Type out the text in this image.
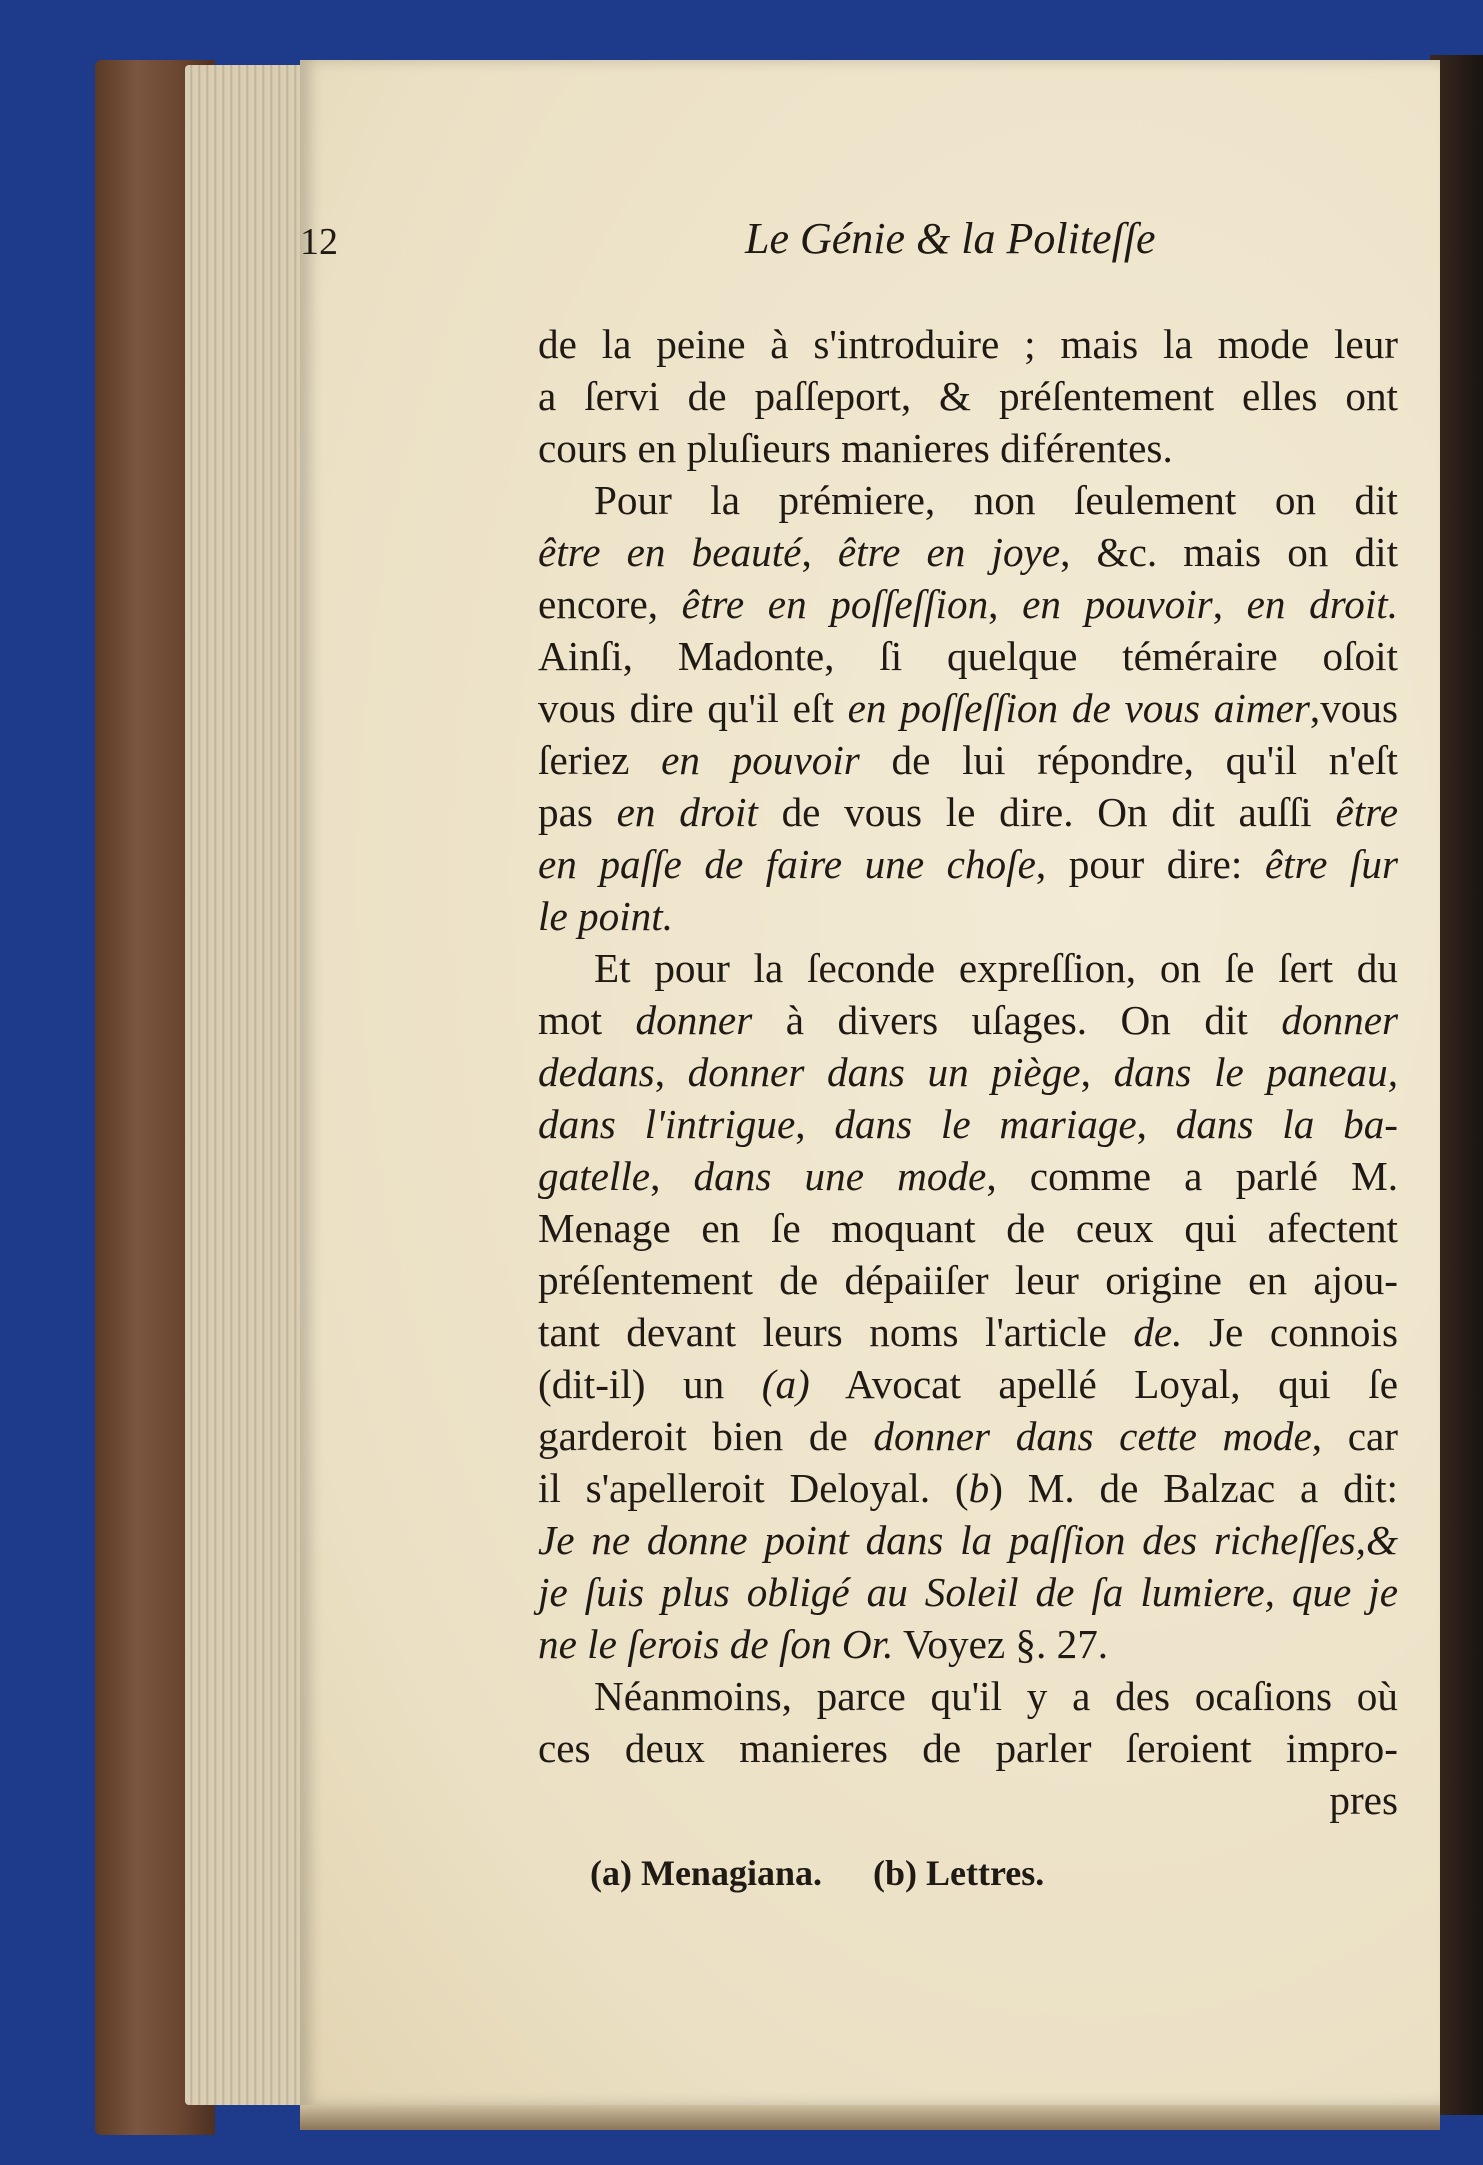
12	Le Génie & la Politeſſe
de la peine à s'introduire ; mais la mode leur
a ſervi de paſſeport, & préſentement elles ont
cours en pluſieurs manieres diférentes.
Pour la prémiere, non ſeulement on dit
être en beauté, être en joye, &c. mais on dit
encore, être en poſſeſſion, en pouvoir, en droit.
Ainſi, Madonte, ſi quelque téméraire oſoit
vous dire qu'il eſt en poſſeſſion de vous aimer,vous
ſeriez en pouvoir de lui répondre, qu'il n'eſt
pas en droit de vous le dire. On dit auſſi être
en paſſe de faire une choſe, pour dire: être ſur
le point.
Et pour la ſeconde expreſſion, on ſe ſert du
mot donner à divers uſages. On dit donner
dedans, donner dans un piège, dans le paneau,
dans l'intrigue, dans le mariage, dans la ba-
gatelle, dans une mode, comme a parlé M.
Menage en ſe moquant de ceux qui afectent
préſentement de dépaiiſer leur origine en ajou-
tant devant leurs noms l'article de. Je connois
(dit-il) un (a) Avocat apellé Loyal, qui ſe
garderoit bien de donner dans cette mode, car
il s'apelleroit Deloyal. (b) M. de Balzac a dit:
Je ne donne point dans la paſſion des richeſſes,&
je ſuis plus obligé au Soleil de ſa lumiere, que je
ne le ſerois de ſon Or. Voyez §. 27.
Néanmoins, parce qu'il y a des ocaſions où
ces deux manieres de parler ſeroient impro-
pres
(a) Menagiana. (b) Lettres.
